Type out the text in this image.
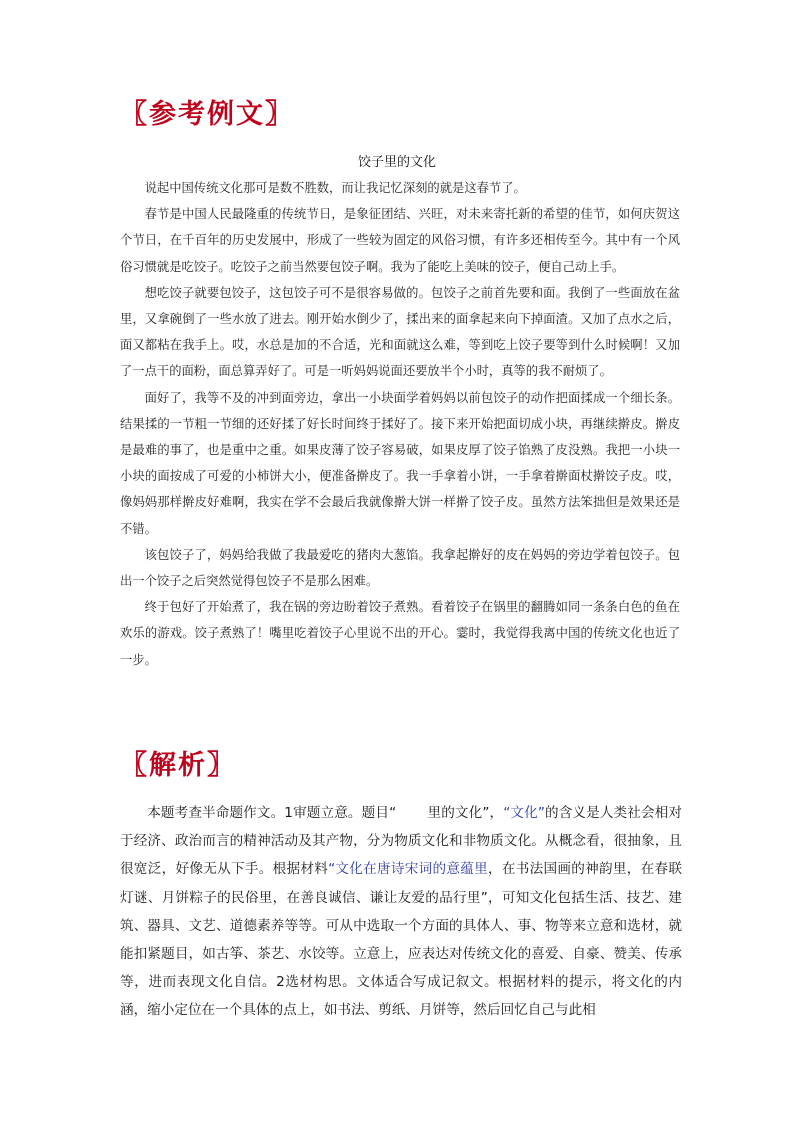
〖参考例文〗
饺子里的文化

说起中国传统文化那可是数不胜数，而让我记忆深刻的就是这春节了。

春节是中国人民最隆重的传统节日，是象征团结、兴旺，对未来寄托新的希望的佳节，如何庆贺这个节日，在千百年的历史发展中，形成了一些较为固定的风俗习惯，有许多还相传至今。其中有一个风俗习惯就是吃饺子。吃饺子之前当然要包饺子啊。我为了能吃上美味的饺子，便自己动上手。

想吃饺子就要包饺子，这包饺子可不是很容易做的。包饺子之前首先要和面。我倒了一些面放在盆里，又拿碗倒了一些水放了进去。刚开始水倒少了，揉出来的面拿起来向下掉面渣。又加了点水之后，面又都粘在我手上。哎，水总是加的不合适，光和面就这么难，等到吃上饺子要等到什么时候啊！又加了一点干的面粉，面总算弄好了。可是一听妈妈说面还要放半个小时，真等的我不耐烦了。

面好了，我等不及的冲到面旁边，拿出一小块面学着妈妈以前包饺子的动作把面揉成一个细长条。结果揉的一节粗一节细的还好揉了好长时间终于揉好了。接下来开始把面切成小块，再继续擀皮。擀皮是最难的事了，也是重中之重。如果皮薄了饺子容易破，如果皮厚了饺子馅熟了皮没熟。我把一小块一小块的面按成了可爱的小柿饼大小，便准备擀皮了。我一手拿着小饼，一手拿着擀面杖擀饺子皮。哎，像妈妈那样擀皮好难啊，我实在学不会最后我就像擀大饼一样擀了饺子皮。虽然方法笨拙但是效果还是不错。

该包饺子了，妈妈给我做了我最爱吃的猪肉大葱馅。我拿起擀好的皮在妈妈的旁边学着包饺子。包出一个饺子之后突然觉得包饺子不是那么困难。

终于包好了开始煮了，我在锅的旁边盼着饺子煮熟。看着饺子在锅里的翻腾如同一条条白色的鱼在欢乐的游戏。饺子煮熟了！嘴里吃着饺子心里说不出的开心。霎时，我觉得我离中国的传统文化也近了一步。

〖解析〗

本题考查半命题作文。1审题立意。题目“ 里的文化”，“文化”的含义是人类社会相对于经济、政治而言的精神活动及其产物，分为物质文化和非物质文化。从概念看，很抽象，且很宽泛，好像无从下手。根据材料“文化在唐诗宋词的意蕴里，在书法国画的神韵里，在春联灯谜、月饼粽子的民俗里，在善良诚信、谦让友爱的品行里”，可知文化包括生活、技艺、建筑、器具、文艺、道德素养等等。可从中选取一个方面的具体人、事、物等来立意和选材，就能扣紧题目，如古筝、茶艺、水饺等。立意上，应表达对传统文化的喜爱、自豪、赞美、传承等，进而表现文化自信。2选材构思。文体适合写成记叙文。根据材料的提示，将文化的内涵，缩小定位在一个具体的点上，如书法、剪纸、月饼等，然后回忆自己与此相
